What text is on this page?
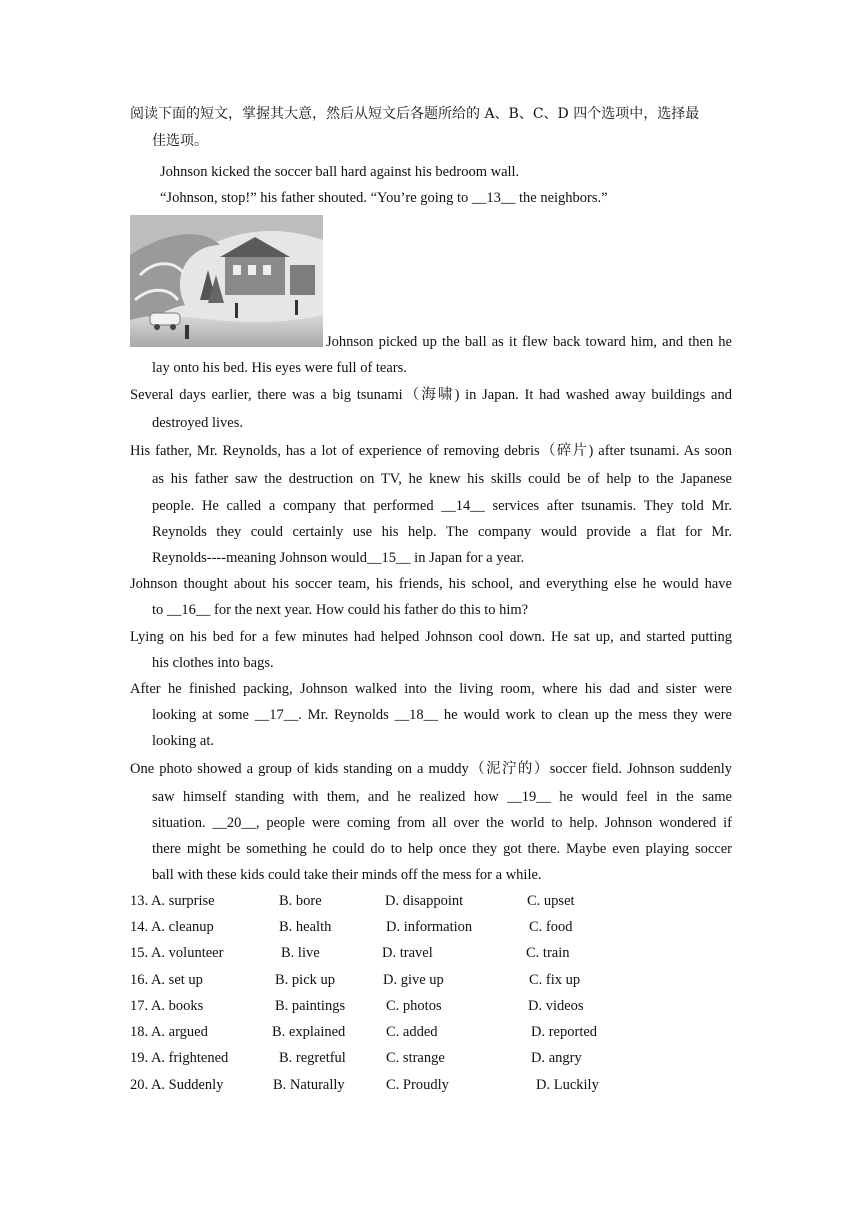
阅读下面的短文，掌握其大意，然后从短文后各题所给的 A、B、C、D 四个选项中，选择最
佳选项。
Johnson kicked the soccer ball hard against his bedroom wall.
“Johnson, stop!” his father shouted. “You’re going to __13__ the neighbors.”
Johnson picked up the ball as it flew back toward him, and then he
lay onto his bed. His eyes were full of tears.
Several days earlier, there was a big tsunami（海啸) in Japan. It had washed away buildings and
destroyed lives.
His father, Mr. Reynolds, has a lot of experience of removing debris（碎片) after tsunami. As soon
as his father saw the destruction on TV, he knew his skills could be of help to the Japanese
people. He called a company that performed __14__ services after tsunamis. They told Mr.
Reynolds they could certainly use his help. The company would provide a flat for Mr.
Reynolds----meaning Johnson would__15__ in Japan for a year.
Johnson thought about his soccer team, his friends, his school, and everything else he would have
to __16__ for the next year. How could his father do this to him?
Lying on his bed for a few minutes had helped Johnson cool down. He sat up, and started putting
his clothes into bags.
After he finished packing, Johnson walked into the living room, where his dad and sister were
looking at some __17__. Mr. Reynolds __18__ he would work to clean up the mess they were
looking at.
One photo showed a group of kids standing on a muddy（泥泞的）soccer field. Johnson suddenly
saw himself standing with them, and he realized how __19__ he would feel in the same
situation. __20__, people were coming from all over the world to help. Johnson wondered if
there might be something he could do to help once they got there. Maybe even playing soccer
ball with these kids could take their minds off the mess for a while.
13. A. surprise	B. bore	D. disappoint	C. upset
14. A. cleanup	B. health	D. information	C. food
15. A. volunteer	B. live	D. travel	C. train
16. A. set up	B. pick up	D. give up	C. fix up
17. A. books	B. paintings	C. photos	D. videos
18. A. argued	B. explained	C. added	D. reported
19. A. frightened	B. regretful	C. strange	D. angry
20. A. Suddenly	B. Naturally	C. Proudly	D. Luckily
